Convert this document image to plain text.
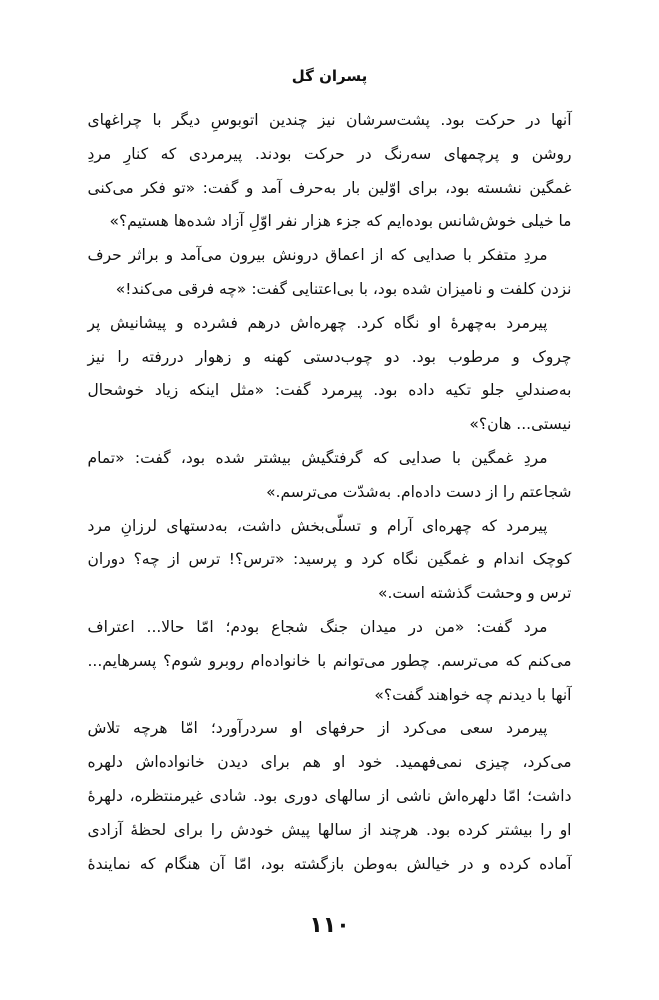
پسران گل
آنها در حرکت بود. پشت‌سرشان نیز چندین اتوبوسِ دیگر با چراغهای
روشن و پرچمهای سه‌رنگ در حرکت بودند. پیرمردی که کنارِ مردِ
غمگین نشسته بود، برای اوّلین بار به‌حرف آمد و گفت: «تو فکر می‌کنی
ما خیلی خوش‌شانس بوده‌ایم که جزء هزار نفر اوّلِ آزاد شده‌ها هستیم؟»
مردِ متفکر با صدایی که از اعماق درونش بیرون می‌آمد و براثر حرف
نزدن کلفت و نامیزان شده بود، با بی‌اعتنایی گفت: «چه فرقی می‌کند!»
پیرمرد به‌چهرهٔ او نگاه کرد. چهره‌اش درهم فشرده و پیشانیش پر
چروک و مرطوب بود. دو چوب‌دستی کهنه و زهوار دررفته را نیز
به‌صندلیِ جلو تکیه داده بود. پیرمرد گفت: «مثل اینکه زیاد خوشحال
نیستی... هان؟»
مردِ غمگین با صدایی که گرفتگیش بیشتر شده بود، گفت: «تمام
شجاعتم را از دست داده‌ام. به‌شدّت می‌ترسم.»
پیرمرد که چهره‌ای آرام و تسلّی‌بخش داشت، به‌دستهای لرزانِ مرد
کوچک اندام و غمگین نگاه کرد و پرسید: «ترس؟! ترس از چه؟ دوران
ترس و وحشت گذشته است.»
مرد گفت: «من در میدان جنگ شجاع بودم؛ امّا حالا... اعتراف
می‌کنم که می‌ترسم. چطور می‌توانم با خانواده‌ام روبرو شوم؟ پسرهایم...
آنها با دیدنم چه خواهند گفت؟»
پیرمرد سعی می‌کرد از حرفهای او سردرآورد؛ امّا هرچه تلاش
می‌کرد، چیزی نمی‌فهمید. خود او هم برای دیدن خانواده‌اش دلهره
داشت؛ امّا دلهره‌اش ناشی از سالهای دوری بود. شادی غیرمنتظره، دلهرهٔ
او را بیشتر کرده بود. هرچند از سالها پیش خودش را برای لحظهٔ آزادی
آماده کرده و در خیالش به‌وطن بازگشته بود، امّا آن هنگام که نمایندهٔ
۱۱۰
